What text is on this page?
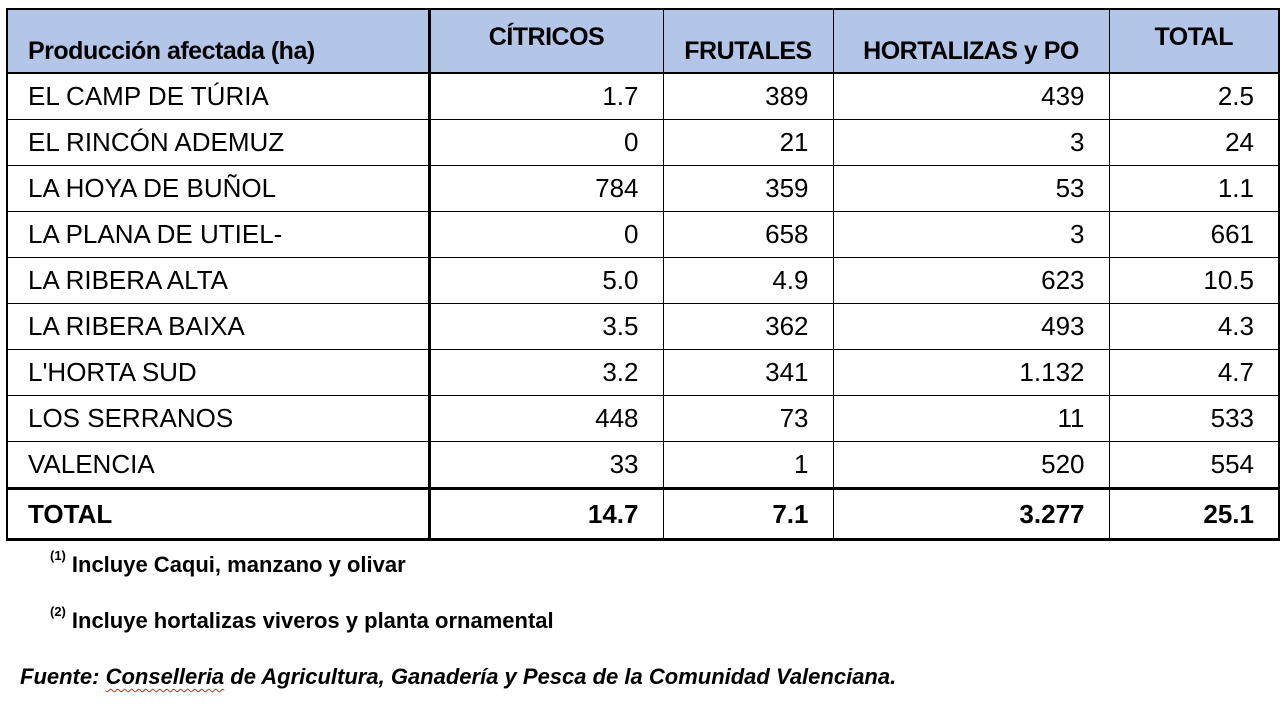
Producción afectada (ha)	CÍTRICOS	FRUTALES	HORTALIZAS y PO	TOTAL
EL CAMP DE TÚRIA	1.7	389	439	2.5
EL RINCÓN ADEMUZ	0	21	3	24
LA HOYA DE BUÑOL	784	359	53	1.1
LA PLANA DE UTIEL-	0	658	3	661
LA RIBERA ALTA	5.0	4.9	623	10.5
LA RIBERA BAIXA	3.5	362	493	4.3
L'HORTA SUD	3.2	341	1.132	4.7
LOS SERRANOS	448	73	11	533
VALENCIA	33	1	520	554
TOTAL	14.7	7.1	3.277	25.1
$^{(1)}$ Incluye Caqui, manzano y olivar
$^{(2)}$ Incluye hortalizas viveros y planta ornamental
Fuente: Conselleria de Agricultura, Ganadería y Pesca de la Comunidad Valenciana.
